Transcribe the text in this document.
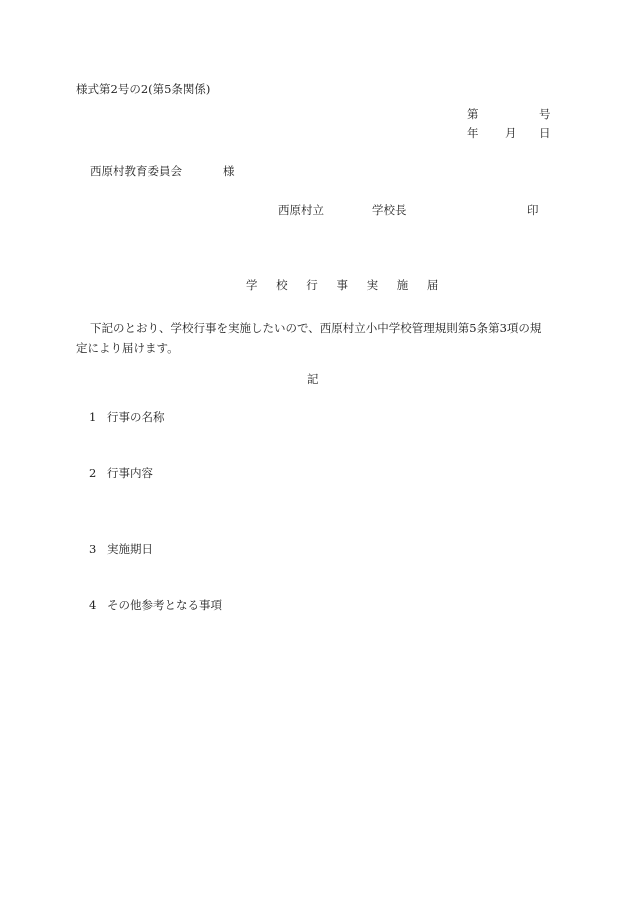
様式第2号の2(第5条関係)
第	号
年 月 日
西原村教育委員会	様
西原村立	学校長	印
学 校 行 事 実 施 届
下記のとおり、学校行事を実施したいので、西原村立小中学校管理規則第5条第3項の規定により届けます。
記
1 行事の名称
2 行事内容
3 実施期日
4 その他参考となる事項
